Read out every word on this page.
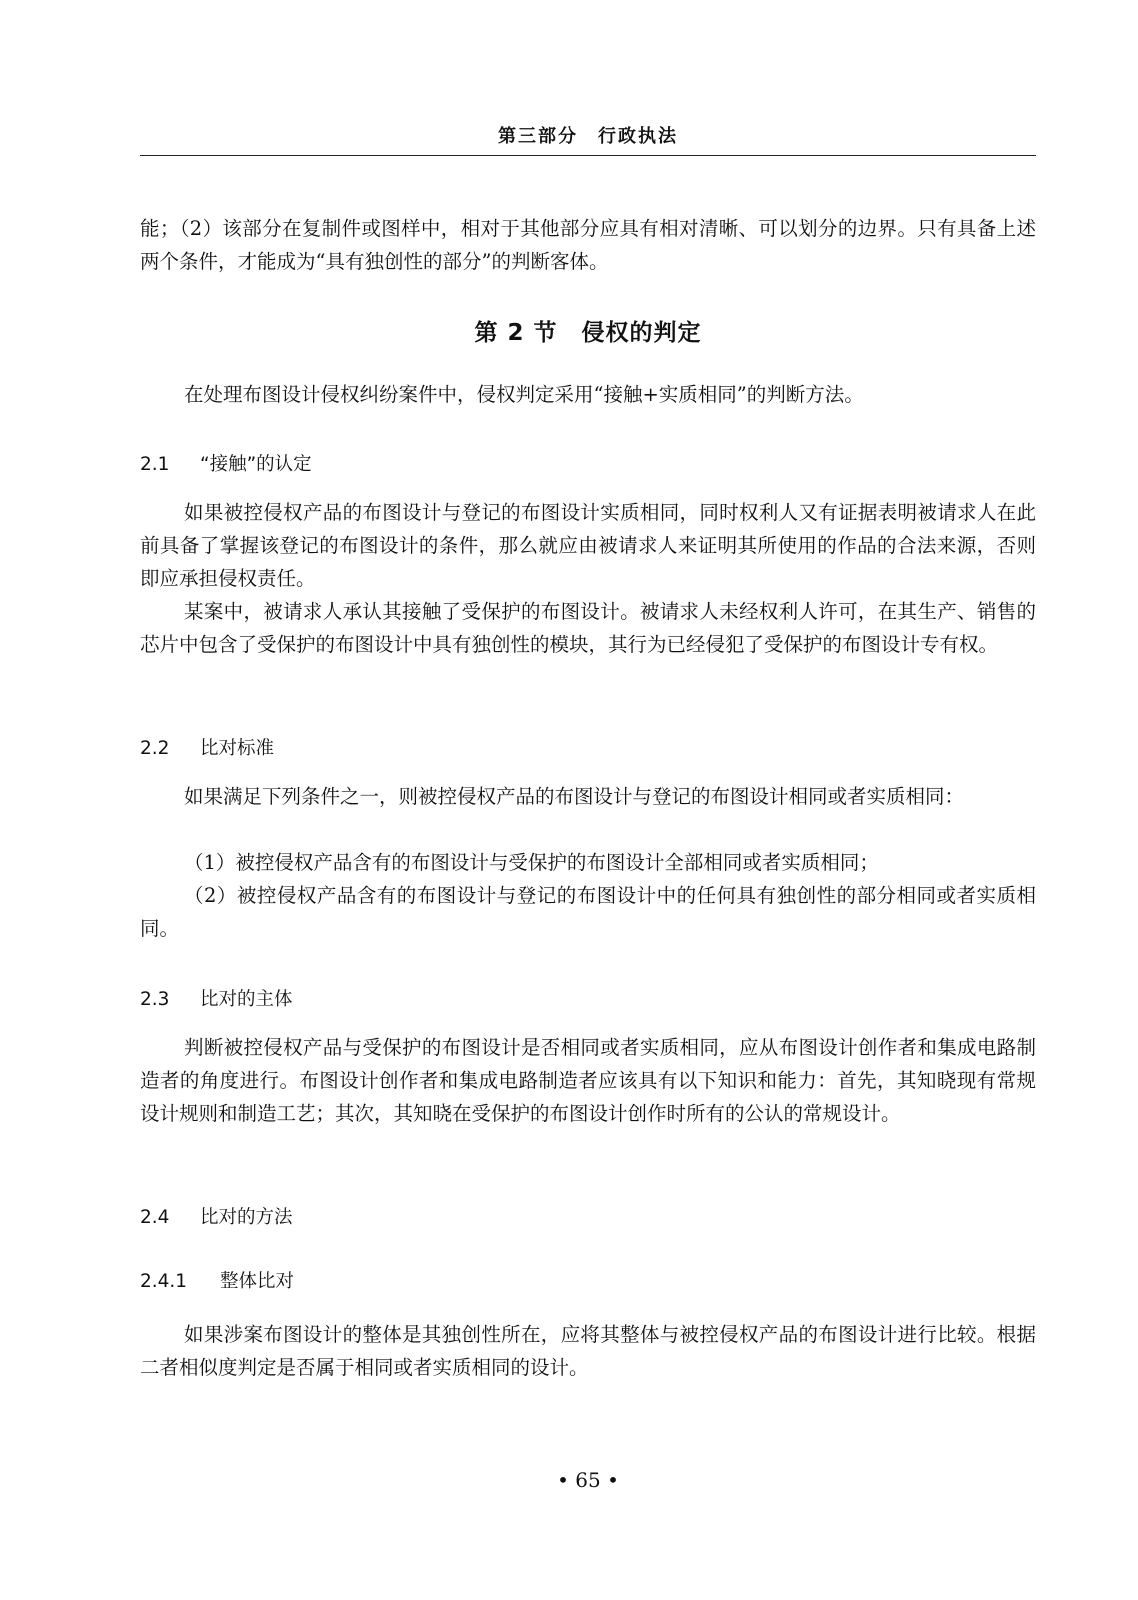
第三部分　行政执法

能；（2）该部分在复制件或图样中，相对于其他部分应具有相对清晰、可以划分的边界。只有具备上述两个条件，才能成为“具有独创性的部分”的判断客体。

第 2 节　侵权的判定

在处理布图设计侵权纠纷案件中，侵权判定采用“接触+实质相同”的判断方法。

2.1 “接触”的认定

如果被控侵权产品的布图设计与登记的布图设计实质相同，同时权利人又有证据表明被请求人在此前具备了掌握该登记的布图设计的条件，那么就应由被请求人来证明其所使用的作品的合法来源，否则即应承担侵权责任。

某案中，被请求人承认其接触了受保护的布图设计。被请求人未经权利人许可，在其生产、销售的芯片中包含了受保护的布图设计中具有独创性的模块，其行为已经侵犯了受保护的布图设计专有权。

2.2 比对标准

如果满足下列条件之一，则被控侵权产品的布图设计与登记的布图设计相同或者实质相同：

（1）被控侵权产品含有的布图设计与受保护的布图设计全部相同或者实质相同；

（2）被控侵权产品含有的布图设计与登记的布图设计中的任何具有独创性的部分相同或者实质相同。

2.3 比对的主体

判断被控侵权产品与受保护的布图设计是否相同或者实质相同，应从布图设计创作者和集成电路制造者的角度进行。布图设计创作者和集成电路制造者应该具有以下知识和能力：首先，其知晓现有常规设计规则和制造工艺；其次，其知晓在受保护的布图设计创作时所有的公认的常规设计。

2.4 比对的方法
2.4.1 整体比对

如果涉案布图设计的整体是其独创性所在，应将其整体与被控侵权产品的布图设计进行比较。根据二者相似度判定是否属于相同或者实质相同的设计。

• 65 •
